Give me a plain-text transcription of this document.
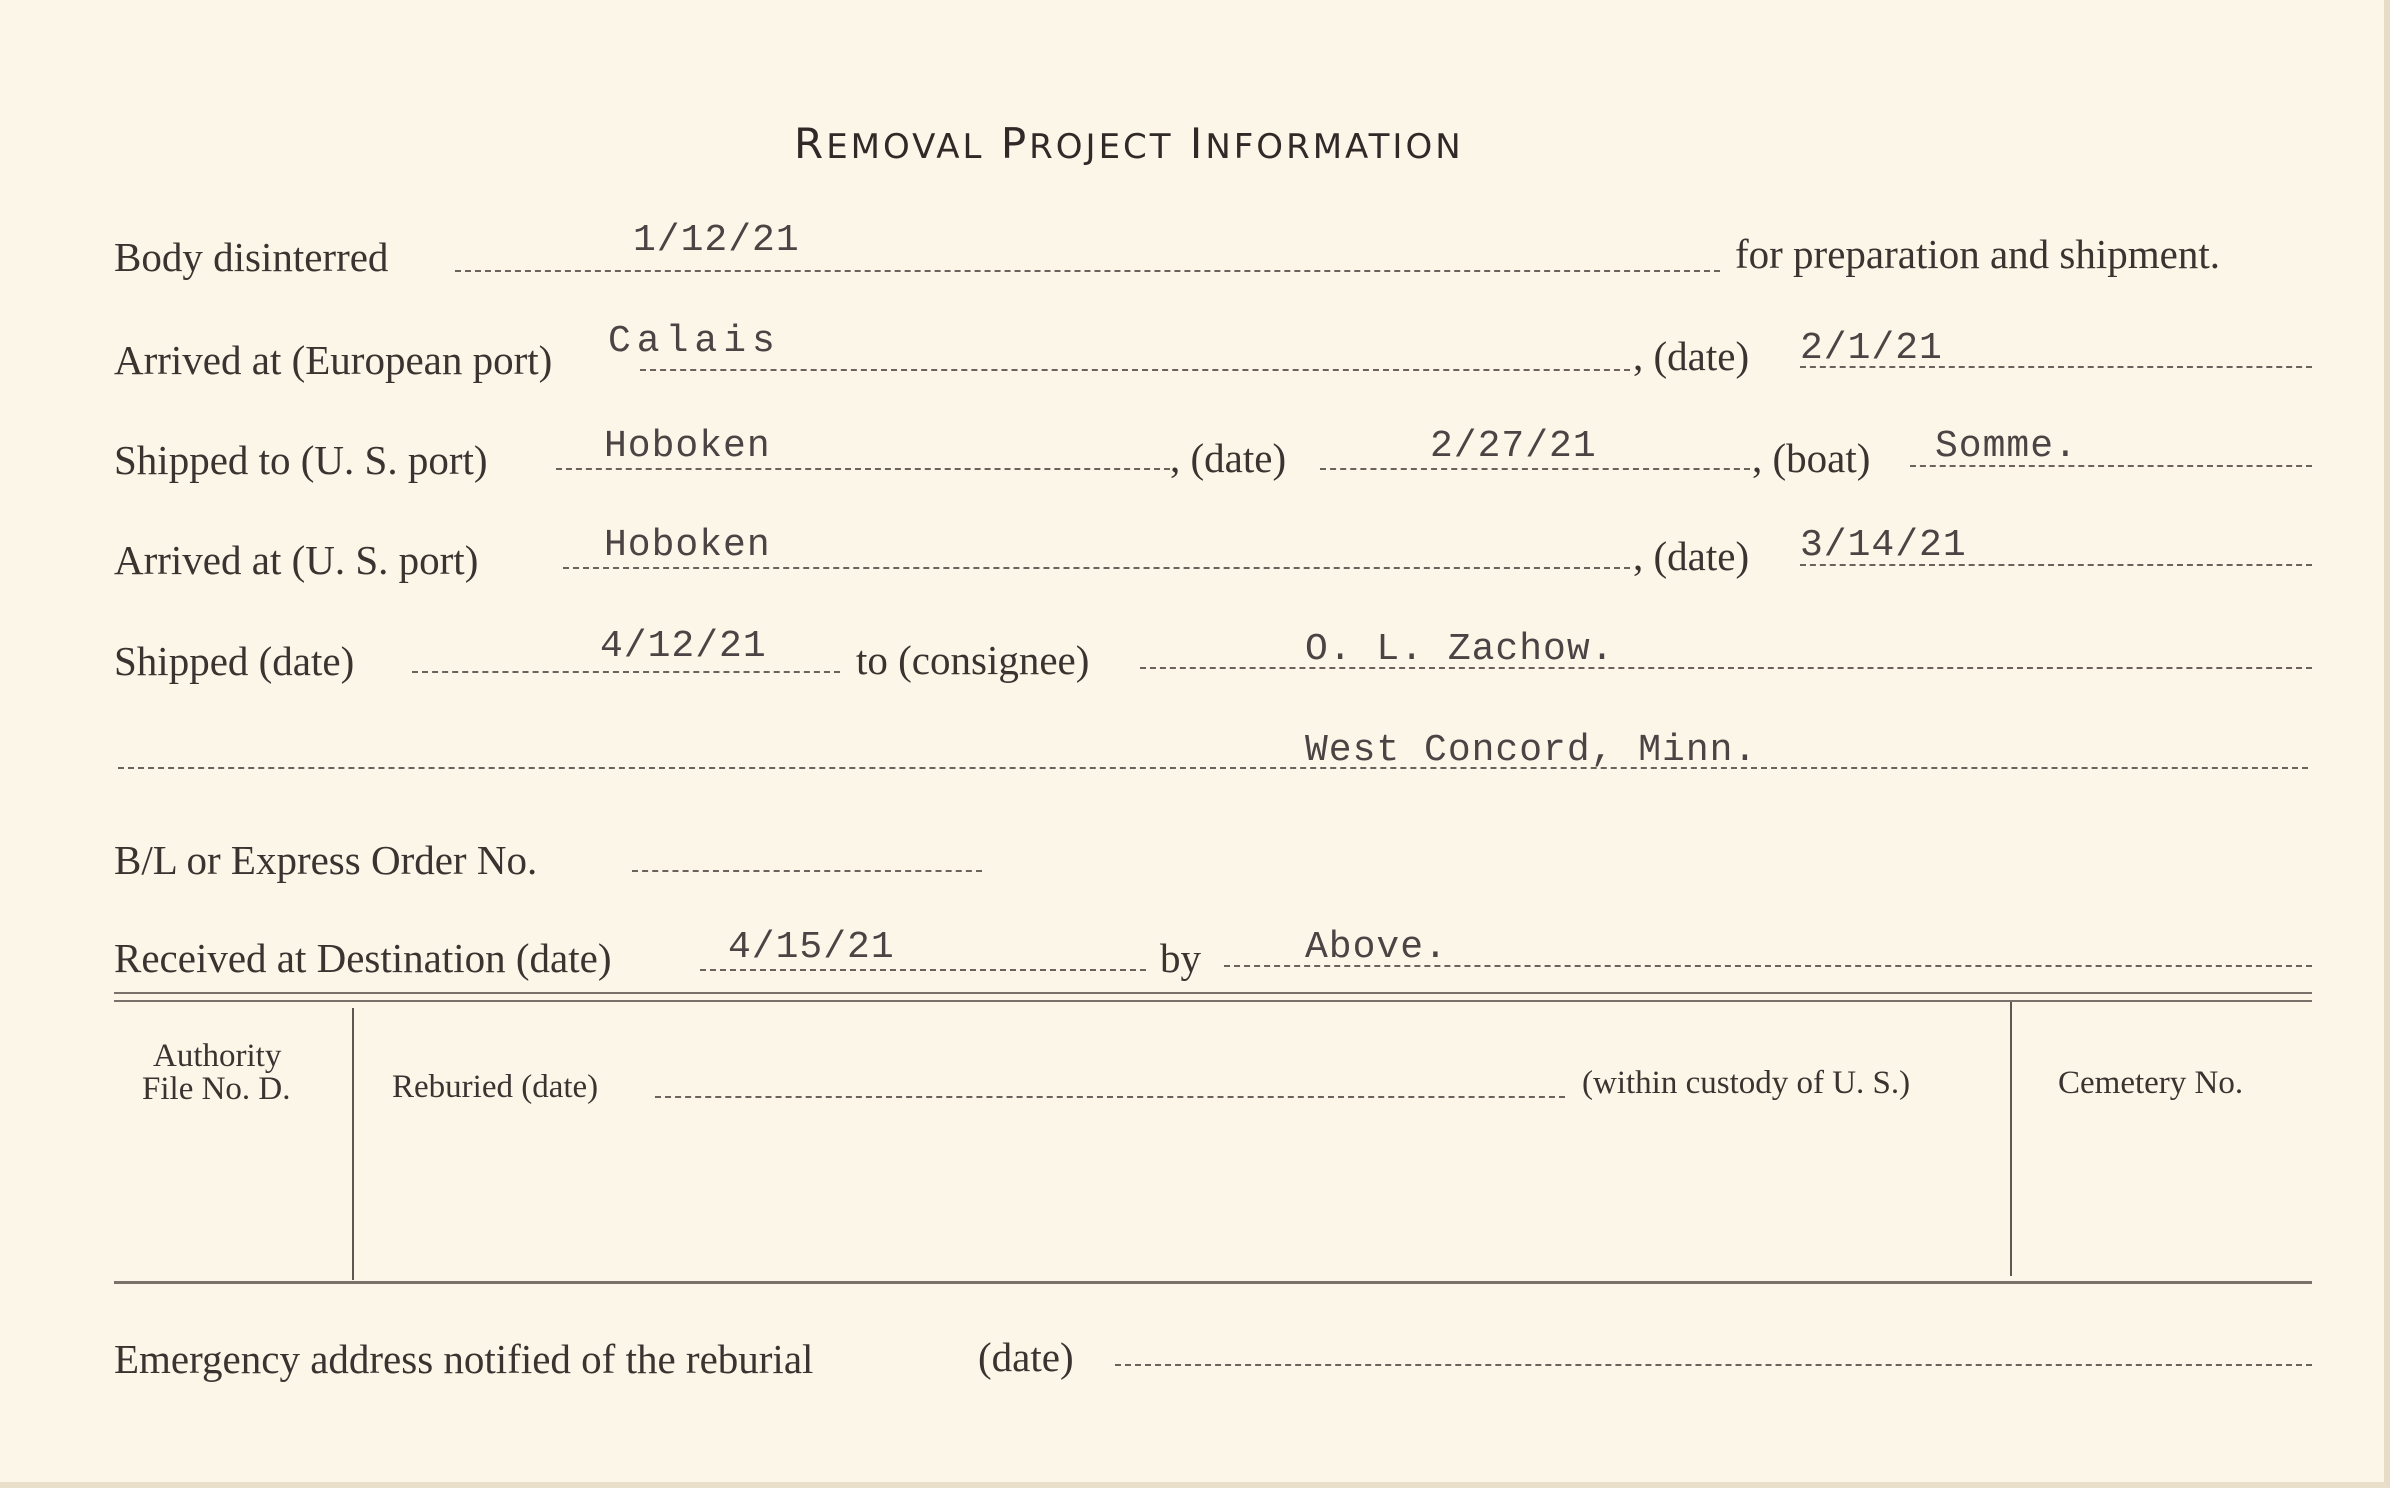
REMOVAL PROJECT INFORMATION
Body disinterred	1/12/21	for preparation and shipment.
Arrived at (European port) Calais	, (date) 2/1/21
Shipped to (U. S. port)	Hoboken	, (date)	2/27/21	, (boat) Somme.
Arrived at (U. S. port)	Hoboken	, (date) 3/14/21
Shipped (date)	4/12/21 to (consignee)	O. L. Zachow.
West Concord, Minn.
B/L or Express Order No.
Received at Destination (date)	4/15/21	by	Above.
Authority
File No. D.	Reburied (date)	(within custody of U. S.)	Cemetery No.
Emergency address notified of the reburial	(date)
